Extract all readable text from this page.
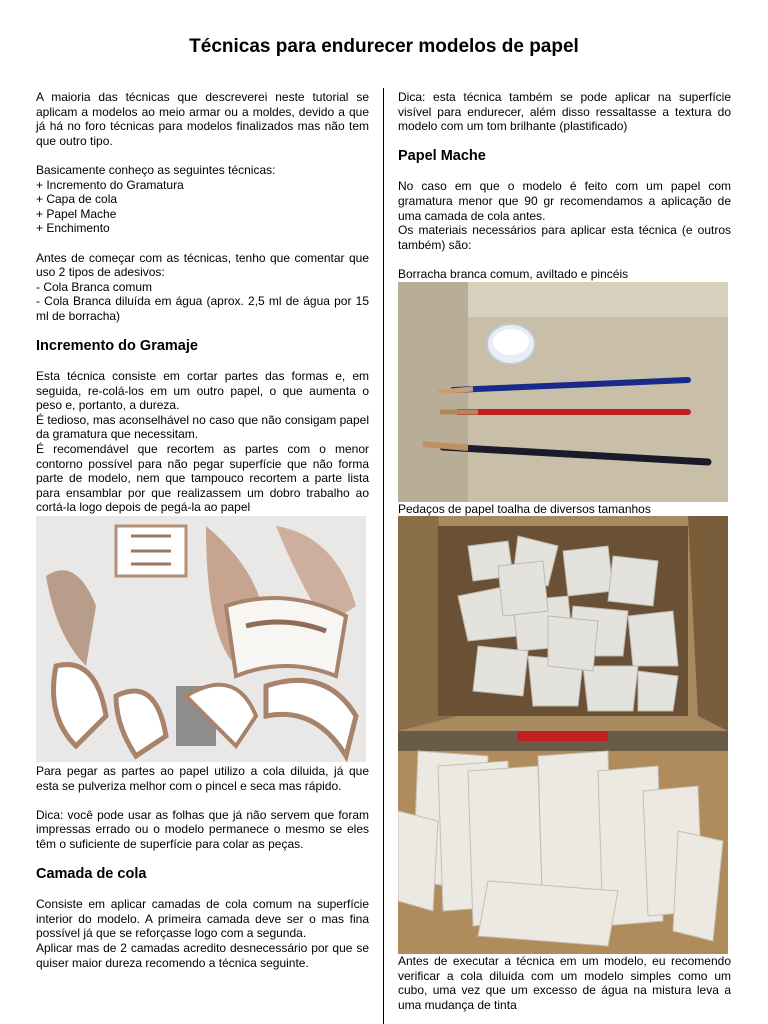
Técnicas para endurecer modelos de papel

A maioria das técnicas que descreverei neste tutorial se aplicam a modelos ao meio armar ou a moldes, devido a que já há no foro técnicas para modelos finalizados mas não tem que outro tipo.

Basicamente conheço as seguintes técnicas:
+ Incremento do Gramatura
+ Capa de cola
+ Papel Mache
+ Enchimento

Antes de começar com as técnicas, tenho que comentar que uso 2 tipos de adesivos:
- Cola Branca comum
- Cola Branca diluída em água (aprox. 2,5 ml de água por 15 ml de borracha)

Incremento do Gramaje

Esta técnica consiste em cortar partes das formas e, em seguida, re-colá-los em um outro papel, o que aumenta o peso e, portanto, a dureza.

É tedioso, mas aconselhável no caso que não consigam papel da gramatura que necessitam.

É recomendável que recortem as partes com o menor contorno possível para não pegar superfície que não forma parte de modelo, nem que tampouco recortem a parte lista para ensamblar por que realizassem um dobro trabalho ao cortá-la logo depois de pegá-la ao papel

Para pegar as partes ao papel utilizo a cola diluida, já que esta se pulveriza melhor com o pincel e seca mas rápido.

Dica: você pode usar as folhas que já não servem que foram impressas errado ou o modelo permanece o mesmo se eles têm o suficiente de superfície para colar as peças.

Camada de cola

Consiste em aplicar camadas de cola comum na superfície interior do modelo. A primeira camada deve ser o mas fina possível já que se reforçasse logo com a segunda.

Aplicar mas de 2 camadas acredito desnecessário por que se quiser maior dureza recomendo a técnica seguinte.

Dica: esta técnica também se pode aplicar na superfície visível para endurecer, além disso ressaltasse a textura do modelo com um tom brilhante (plastificado)

Papel Mache

No caso em que o modelo é feito com um papel com gramatura menor que 90 gr recomendamos a aplicação de uma camada de cola antes.

Os materiais necessários para aplicar esta técnica (e outros também) são:

Borracha branca comum, aviltado e pincéis

Pedaços de papel toalha de diversos tamanhos

Antes de executar a técnica em um modelo, eu recomendo verificar a cola diluida com um modelo simples como um cubo, uma vez que um excesso de água na mistura leva a uma mudança de tinta
